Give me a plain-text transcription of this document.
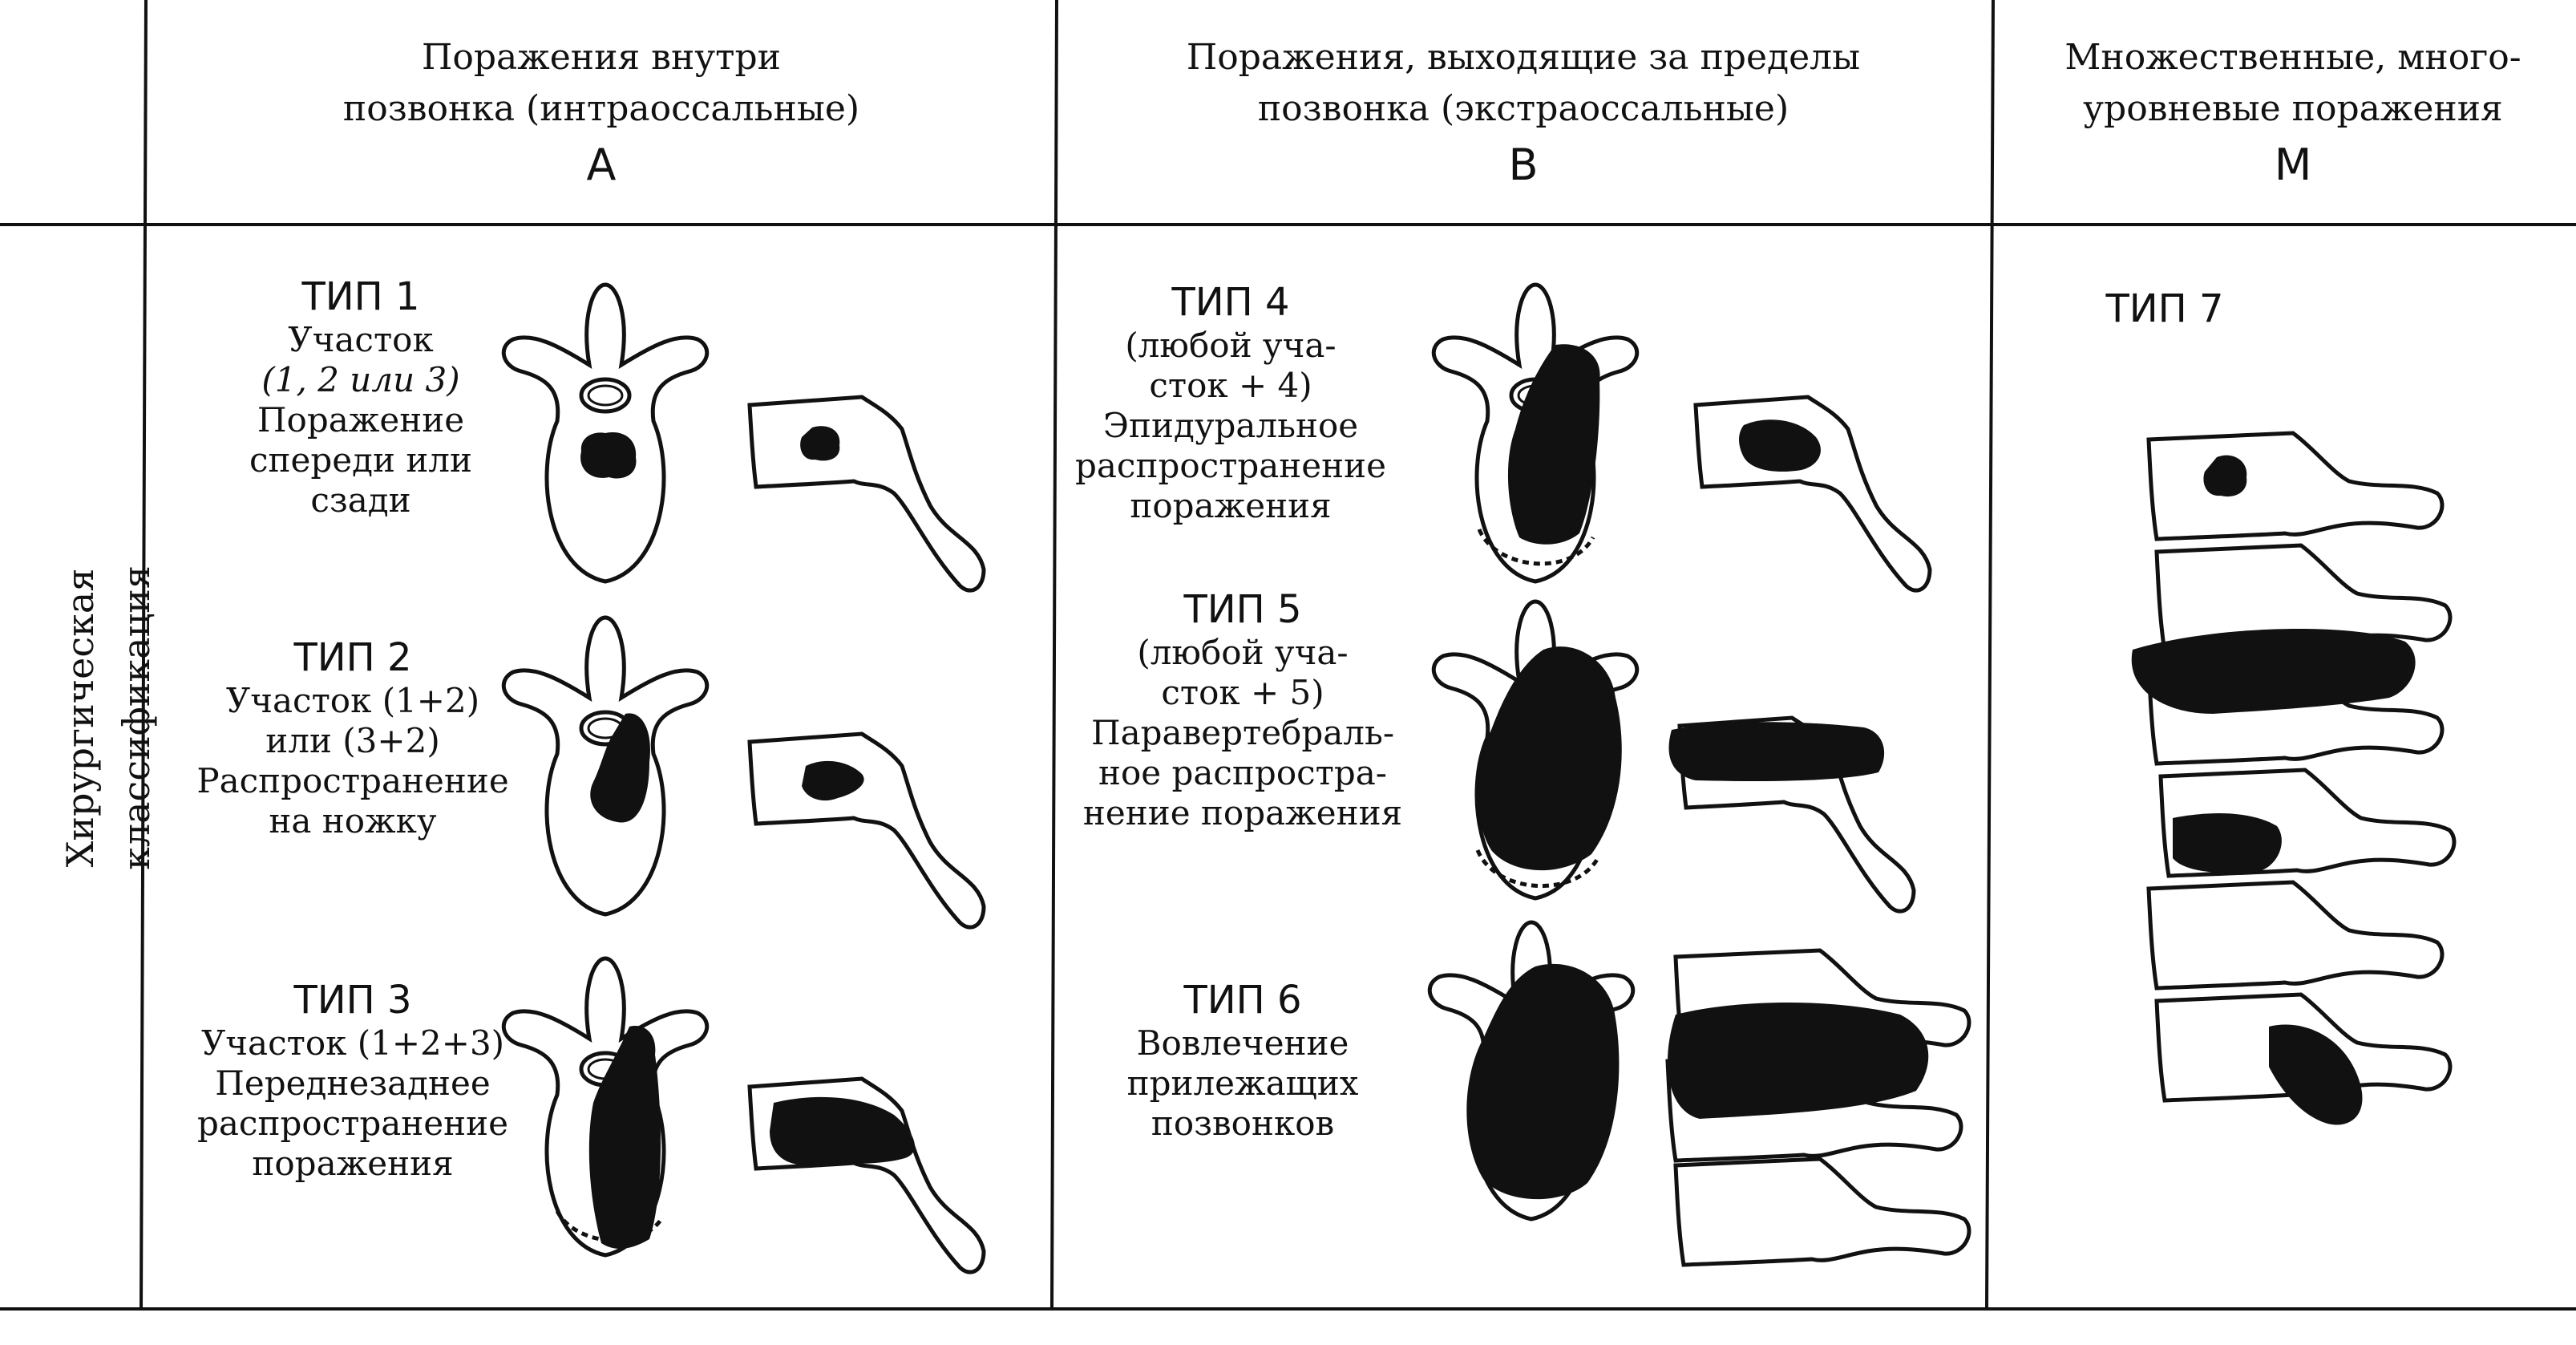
Поражения внутри
позвонка (интраоссальные)
A
Поражения, выходящие за пределы
позвонка (экстраоссальные)
B
Множественные, много-
уровневые поражения
M
Хирургическая классификация
ТИП 1
Участок
(1, 2 или 3)
Поражение
спереди или
сзади
ТИП 2
Участок (1+2)
или (3+2)
Распространение
на ножку
ТИП 3
Участок (1+2+3)
Переднезаднее
распространение
поражения
ТИП 4
(любой уча-
сток + 4)
Эпидуральное
распространение
поражения
ТИП 5
(любой уча-
сток + 5)
Паравертебраль-
ное распростра-
нение поражения
ТИП 6
Вовлечение
прилежащих
позвонков
ТИП 7
